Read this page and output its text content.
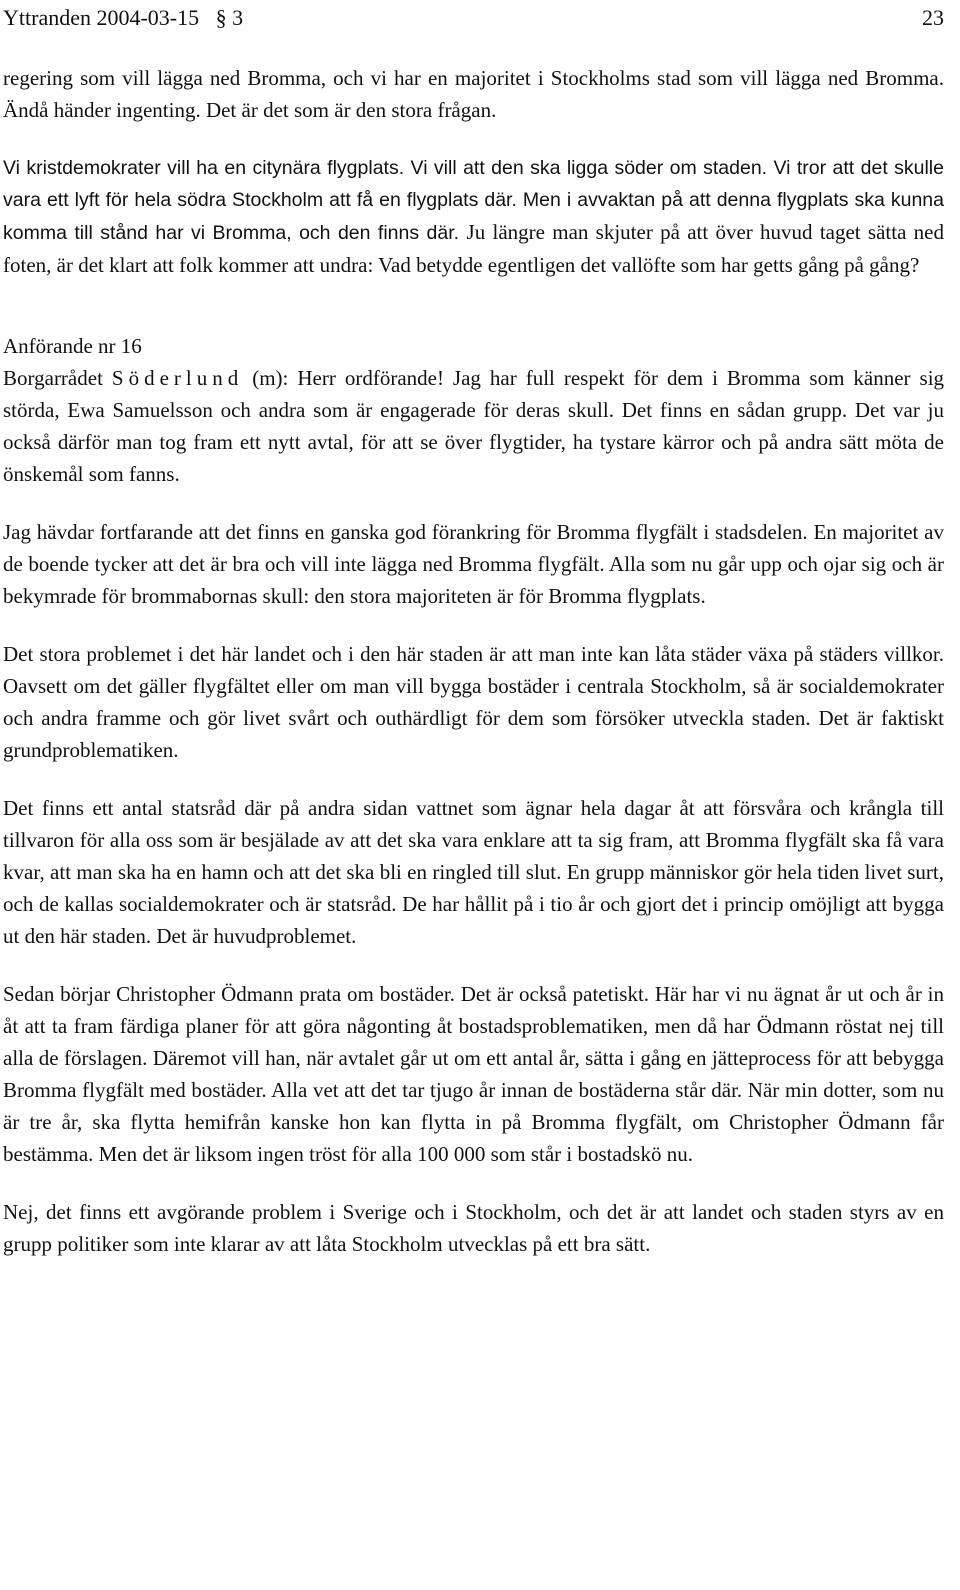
Yttranden 2004-03-15   § 3	23

regering som vill lägga ned Bromma, och vi har en majoritet i Stockholms stad som vill lägga ned Bromma. Ändå händer ingenting. Det är det som är den stora frågan.

Vi kristdemokrater vill ha en citynära flygplats. Vi vill att den ska ligga söder om staden. Vi tror att det skulle vara ett lyft för hela södra Stockholm att få en flygplats där. Men i avvaktan på att denna flygplats ska kunna komma till stånd har vi Bromma, och den finns där. Ju längre man skjuter på att över huvud taget sätta ned foten, är det klart att folk kommer att undra: Vad betydde egentligen det vallöfte som har getts gång på gång?

Anförande nr 16

Borgarrådet Söderlund (m): Herr ordförande! Jag har full respekt för dem i Bromma som känner sig störda, Ewa Samuelsson och andra som är engagerade för deras skull. Det finns en sådan grupp. Det var ju också därför man tog fram ett nytt avtal, för att se över flygtider, ha tystare kärror och på andra sätt möta de önskemål som fanns.

Jag hävdar fortfarande att det finns en ganska god förankring för Bromma flygfält i stadsdelen. En majoritet av de boende tycker att det är bra och vill inte lägga ned Bromma flygfält. Alla som nu går upp och ojar sig och är bekymrade för brommabornas skull: den stora majoriteten är för Bromma flygplats.

Det stora problemet i det här landet och i den här staden är att man inte kan låta städer växa på städers villkor. Oavsett om det gäller flygfältet eller om man vill bygga bostäder i centrala Stockholm, så är socialdemokrater och andra framme och gör livet svårt och outhärdligt för dem som försöker utveckla staden. Det är faktiskt grundproblematiken.

Det finns ett antal statsråd där på andra sidan vattnet som ägnar hela dagar åt att försvåra och krångla till tillvaron för alla oss som är besjälade av att det ska vara enklare att ta sig fram, att Bromma flygfält ska få vara kvar, att man ska ha en hamn och att det ska bli en ringled till slut. En grupp människor gör hela tiden livet surt, och de kallas socialdemokrater och är statsråd. De har hållit på i tio år och gjort det i princip omöjligt att bygga ut den här staden. Det är huvudproblemet.

Sedan börjar Christopher Ödmann prata om bostäder. Det är också patetiskt. Här har vi nu ägnat år ut och år in åt att ta fram färdiga planer för att göra någonting åt bostadsproblematiken, men då har Ödmann röstat nej till alla de förslagen. Däremot vill han, när avtalet går ut om ett antal år, sätta i gång en jätteprocess för att bebygga Bromma flygfält med bostäder. Alla vet att det tar tjugo år innan de bostäderna står där. När min dotter, som nu är tre år, ska flytta hemifrån kanske hon kan flytta in på Bromma flygfält, om Christopher Ödmann får bestämma. Men det är liksom ingen tröst för alla 100 000 som står i bostadskö nu.

Nej, det finns ett avgörande problem i Sverige och i Stockholm, och det är att landet och staden styrs av en grupp politiker som inte klarar av att låta Stockholm utvecklas på ett bra sätt.
